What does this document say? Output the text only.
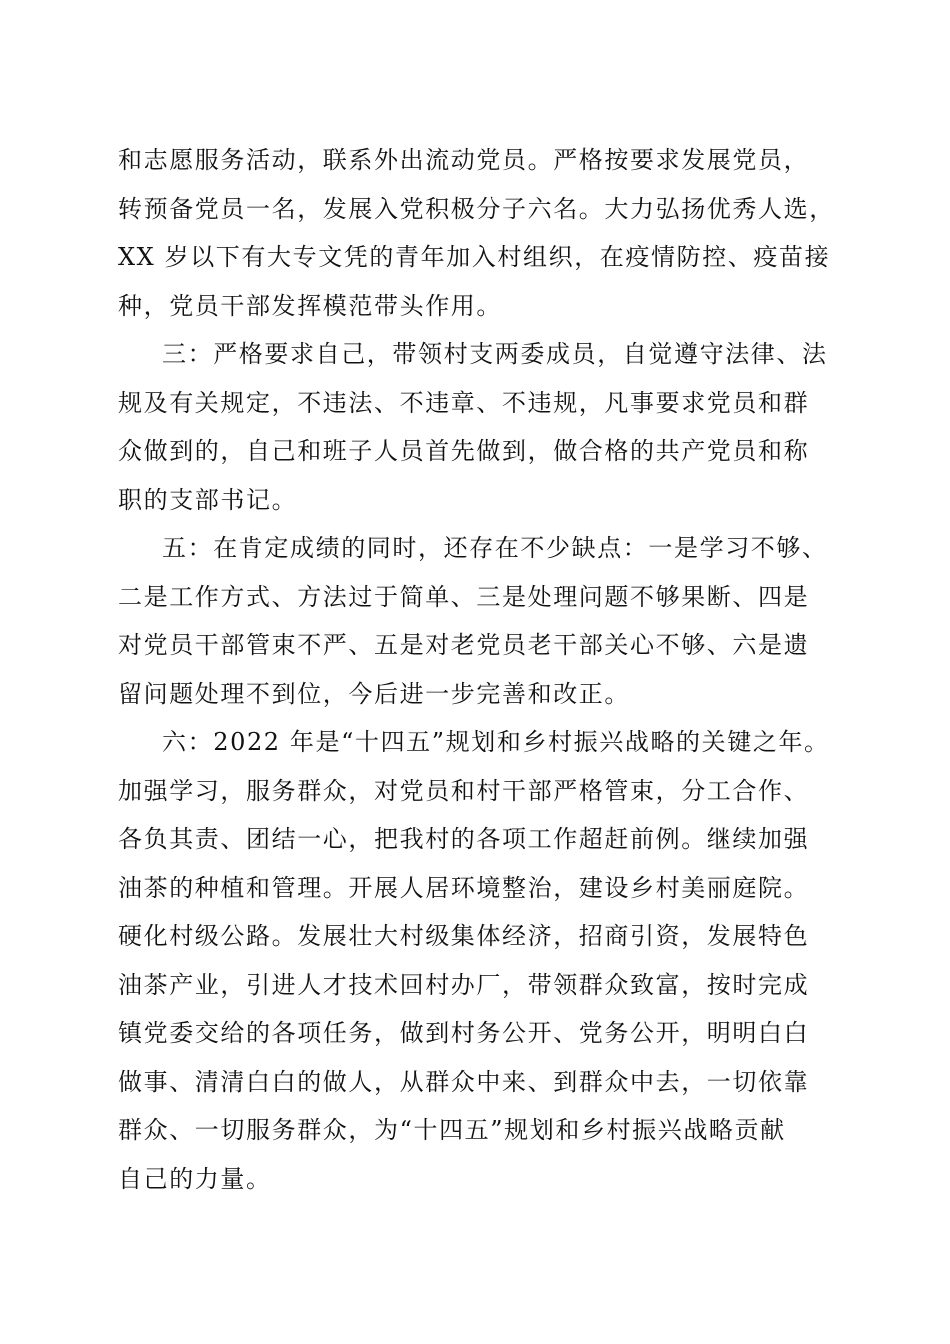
和志愿服务活动，联系外出流动党员。严格按要求发展党员，
转预备党员一名，发展入党积极分子六名。大力弘扬优秀人选，
XX 岁以下有大专文凭的青年加入村组织，在疫情防控、疫苗接
种，党员干部发挥模范带头作用。
三：严格要求自己，带领村支两委成员，自觉遵守法律、法
规及有关规定，不违法、不违章、不违规，凡事要求党员和群
众做到的，自己和班子人员首先做到，做合格的共产党员和称
职的支部书记。
五：在肯定成绩的同时，还存在不少缺点：一是学习不够、
二是工作方式、方法过于简单、三是处理问题不够果断、四是
对党员干部管束不严、五是对老党员老干部关心不够、六是遗
留问题处理不到位，今后进一步完善和改正。
六：2022 年是“十四五”规划和乡村振兴战略的关键之年。
加强学习，服务群众，对党员和村干部严格管束，分工合作、
各负其责、团结一心，把我村的各项工作超赶前例。继续加强
油茶的种植和管理。开展人居环境整治，建设乡村美丽庭院。
硬化村级公路。发展壮大村级集体经济，招商引资，发展特色
油茶产业，引进人才技术回村办厂，带领群众致富，按时完成
镇党委交给的各项任务，做到村务公开、党务公开，明明白白
做事、清清白白的做人，从群众中来、到群众中去，一切依靠
群众、一切服务群众，为“十四五”规划和乡村振兴战略贡献
自己的力量。
